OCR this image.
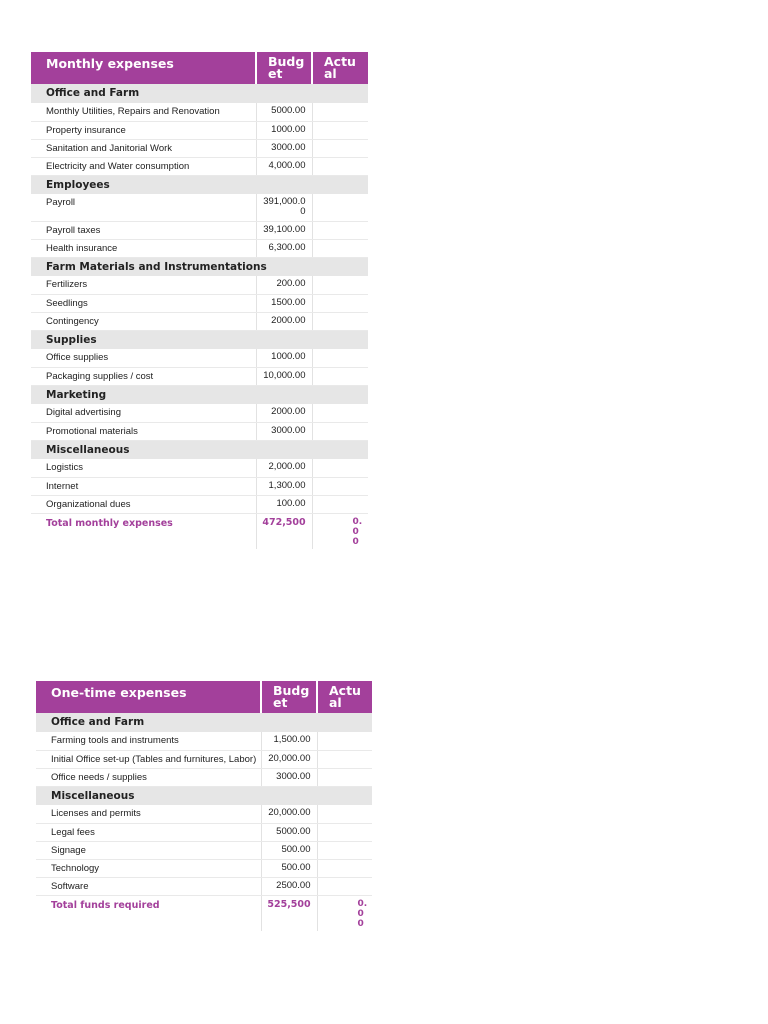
Monthly expenses	Budg et	Actu al
Office and Farm		
Monthly Utilities, Repairs and Renovation	5000.00	
Property insurance	1000.00	
Sanitation and Janitorial Work	3000.00	
Electricity and Water consumption	4,000.00	
Employees		
Payroll	391,000.00	
Payroll taxes	39,100.00	
Health insurance	6,300.00	
Farm Materials and Instrumentations		
Fertilizers	200.00	
Seedlings	1500.00	
Contingency	2000.00	
Supplies		
Office supplies	1000.00	
Packaging supplies / cost	10,000.00	
Marketing		
Digital advertising	2000.00	
Promotional materials	3000.00	
Miscellaneous		
Logistics	2,000.00	
Internet	1,300.00	
Organizational dues	100.00	
Total monthly expenses	472,500	0.00
One-time expenses	Budg et	Actu al
Office and Farm		
Farming tools and instruments	1,500.00	
Initial Office set-up (Tables and furnitures, Labor)	20,000.00	
Office needs / supplies	3000.00	
Miscellaneous		
Licenses and permits	20,000.00	
Legal fees	5000.00	
Signage	500.00	
Technology	500.00	
Software	2500.00	
Total funds required	525,500	0.00
